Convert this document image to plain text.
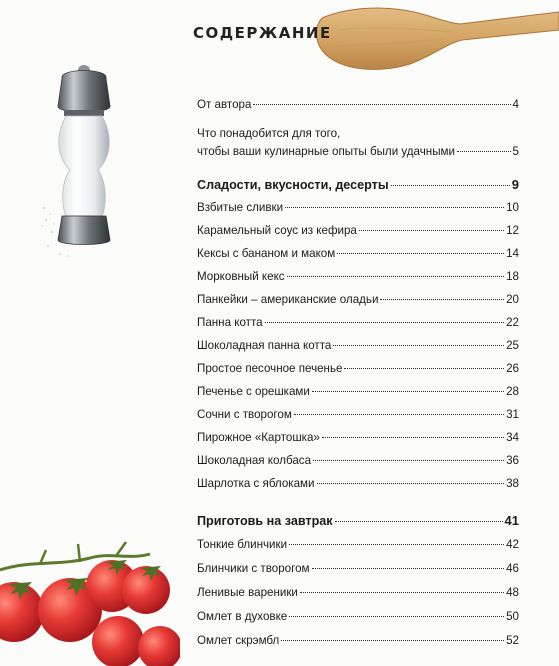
СОДЕРЖАНИЕ
От автора	4
Что понадобится для того,
чтобы ваши кулинарные опыты были удачными	5
Сладости, вкусности, десерты	9
Взбитые сливки	10
Карамельный соус из кефира	12
Кексы с бананом и маком	14
Морковный кекс	18
Панкейки – американские оладьи	20
Панна котта	22
Шоколадная панна котта	25
Простое песочное печенье	26
Печенье с орешками	28
Сочни с творогом	31
Пирожное «Картошка»	34
Шоколадная колбаса	36
Шарлотка с яблоками	38
Приготовь на завтрак	41
Тонкие блинчики	42
Блинчики с творогом	46
Ленивые вареники	48
Омлет в духовке	50
Омлет скрэмбл	52
